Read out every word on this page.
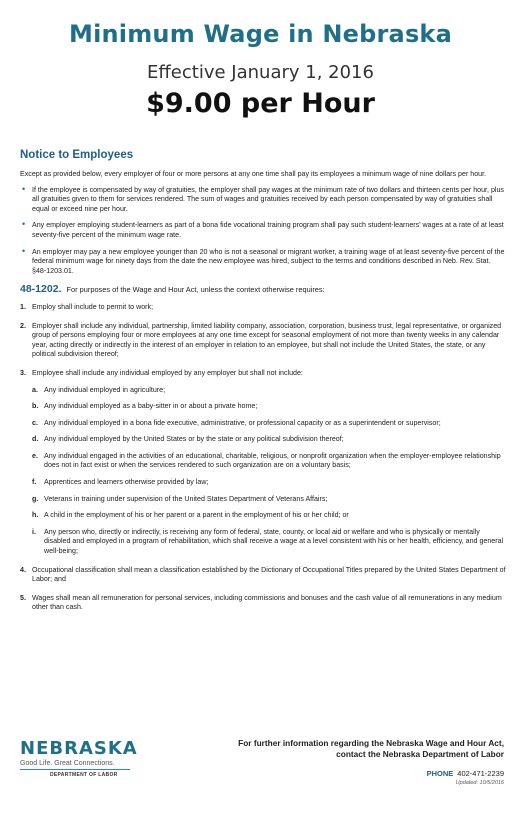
Minimum Wage in Nebraska
Effective January 1, 2016
$9.00 per Hour
Notice to Employees

Except as provided below, every employer of four or more persons at any one time shall pay its employees a minimum wage of nine dollars per hour.

• If the employee is compensated by way of gratuities, the employer shall pay wages at the minimum rate of two dollars and thirteen cents per hour, plus all gratuities given to them for services rendered. The sum of wages and gratuities received by each person compensated by way of gratuities shall equal or exceed nine per hour.

• Any employer employing student-learners as part of a bona fide vocational training program shall pay such student-learners' wages at a rate of at least seventy-five percent of the minimum wage rate.

• An employer may pay a new employee younger than 20 who is not a seasonal or migrant worker, a training wage of at least seventy-five percent of the federal minimum wage for ninety days from the date the new employee was hired, subject to the terms and conditions described in Neb. Rev. Stat. §48-1203.01.

48-1202. For purposes of the Wage and Hour Act, unless the context otherwise requires:

1. Employ shall include to permit to work;
2. Employer shall include any individual, partnership, limited liability company, association, corporation, business trust, legal representative, or organized group of persons employing four or more employees at any one time except for seasonal employment of not more than twenty weeks in any calendar year, acting directly or indirectly in the interest of an employer in relation to an employee, but shall not include the United States, the state, or any political subdivision thereof;
3. Employee shall include any individual employed by any employer but shall not include:
a. Any individual employed in agriculture;
b. Any individual employed as a baby-sitter in or about a private home;
c. Any individual employed in a bona fide executive, administrative, or professional capacity or as a superintendent or supervisor;
d. Any individual employed by the United States or by the state or any political subdivision thereof;
e. Any individual engaged in the activities of an educational, charitable, religious, or nonprofit organization when the employer-employee relationship does not in fact exist or when the services rendered to such organization are on a voluntary basis;
f. Apprentices and learners otherwise provided by law;
g. Veterans in training under supervision of the United States Department of Veterans Affairs;
h. A child in the employment of his or her parent or a parent in the employment of his or her child; or
i. Any person who, directly or indirectly, is receiving any form of federal, state, county, or local aid or welfare and who is physically or mentally disabled and employed in a program of rehabilitation, which shall receive a wage at a level consistent with his or her health, efficiency, and general well-being;
4. Occupational classification shall mean a classification established by the Dictionary of Occupational Titles prepared by the United States Department of Labor; and
5. Wages shall mean all remuneration for personal services, including commissions and bonuses and the cash value of all remunerations in any medium other than cash.
NEBRASKA
Good Life. Great Connections.
DEPARTMENT OF LABOR
For further information regarding the Nebraska Wage and Hour Act,
contact the Nebraska Department of Labor
PHONE 402-471-2239
Updated: 10/5/2016
